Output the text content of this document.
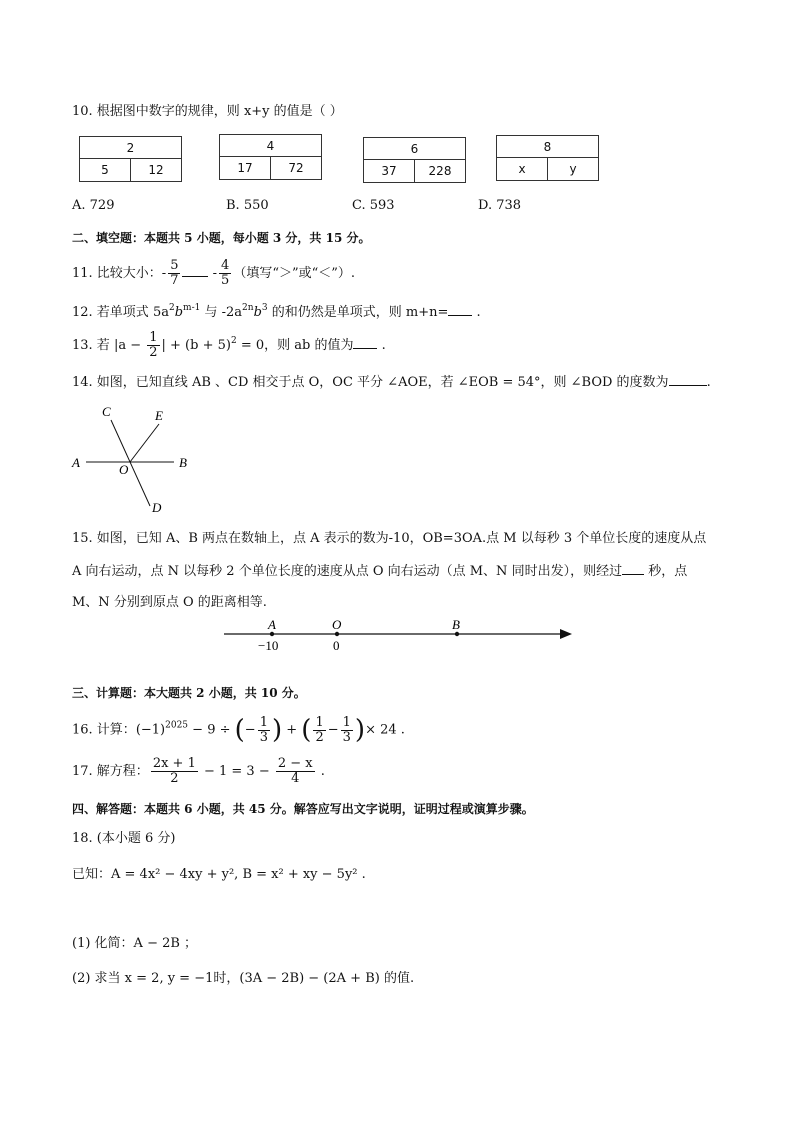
10. 根据图中数字的规律，则 x+y 的值是（ ）
2
5	12
4
17	72
6
37	228
8
x	y
A. 729	B. 550	C. 593	D. 738
二、填空题：本题共 5 小题，每小题 3 分，共 15 分。
11. 比较大小：- $\frac{5}{7} - \frac{4}{5}$ （填写“＞”或“＜”）.
12. 若单项式 $5a^2b^{m-1}$ 与 $-2a^{2n}b^3$ 的和仍然是单项式，则 m+n= .
13. 若 $|a - \frac{1}{2}$ | + $(b + 5)^2 = 0$，则 ab 的值为 .
14. 如图，已知直线 AB 、CD 相交于点 O，OC 平分 ∠AOE，若 ∠EOB = 54°，则 ∠BOD 的度数为	.
A	B
C
D
E
O
15. 如图，已知 A、B 两点在数轴上，点 A 表示的数为-10，OB=3OA.点 M 以每秒 3 个单位长度的速度从点
A 向右运动，点 N 以每秒 2 个单位长度的速度从点 O 向右运动（点 M、N 同时出发），则经过 秒，点
M、N 分别到原点 O 的距离相等.
A	O	B
−10	0
三、计算题：本大题共 2 小题，共 10 分。
16. 计算：$(-1)^{2025} - 9$ ÷ (− $\frac{1}{3}$ ) + ( $\frac{1}{2} - \frac{1}{3}$ )× 24 .
17. 解方程： $\frac{2x + 1}{2} - 1 = 3 - \frac{2 - x}{4}$ .
四、解答题：本题共 6 小题，共 45 分。解答应写出文字说明，证明过程或演算步骤。
18. (本小题 6 分)
已知：A = 4x² − 4xy + y², B = x² + xy − 5y² .
(1) 化简：A − 2B ；
(2) 求当 x = 2, y = −1时，(3A − 2B) − (2A + B) 的值.
